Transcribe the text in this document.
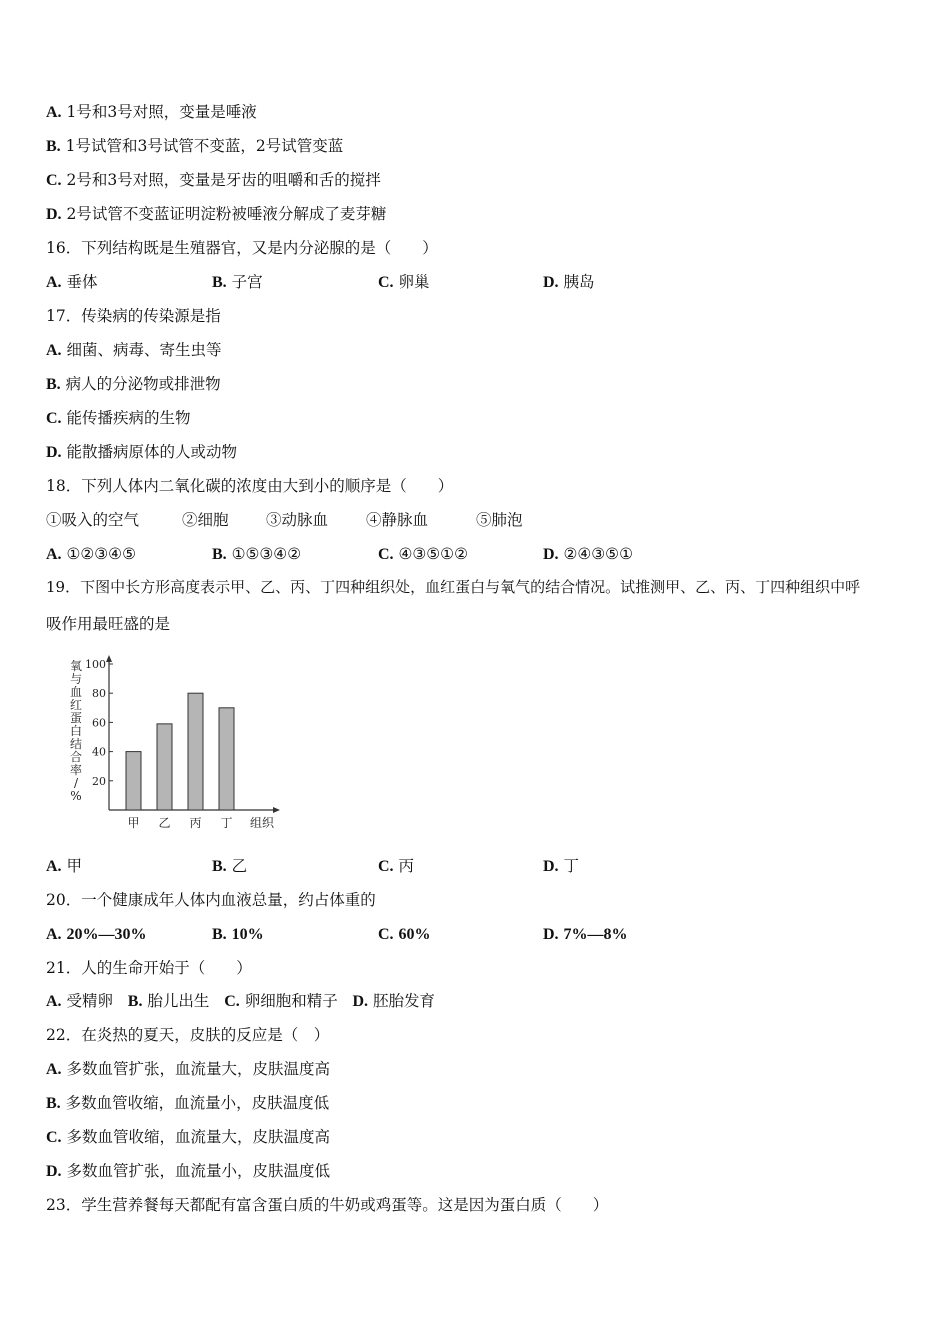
A. 1号和3号对照，变量是唾液
B. 1号试管和3号试管不变蓝，2号试管变蓝
C. 2号和3号对照，变量是牙齿的咀嚼和舌的搅拌
D. 2号试管不变蓝证明淀粉被唾液分解成了麦芽糖
16．下列结构既是生殖器官，又是内分泌腺的是（　　）
A. 垂体	B. 子宫	C. 卵巢	D. 胰岛
17．传染病的传染源是指
A. 细菌、病毒、寄生虫等
B. 病人的分泌物或排泄物
C. 能传播疾病的生物
D. 能散播病原体的人或动物
18．下列人体内二氧化碳的浓度由大到小的顺序是（　　）
①吸入的空气	②细胞 ③动脉血 ④静脉血	⑤肺泡
A. ①②③④⑤	B. ①⑤③④②	C. ④③⑤①②	D. ②④③⑤①
19．下图中长方形高度表示甲、乙、丙、丁四种组织处，血红蛋白与氧气的结合情况。试推测甲、乙、丙、丁四种组织中呼
吸作用最旺盛的是
氧与血红蛋白结合率/ %
20
40
60
80
100
甲 乙 丙 丁 组织
A. 甲	B. 乙	C. 丙	D. 丁
20．一个健康成年人体内血液总量，约占体重的
A. 20%—30%	B. 10%	C. 60%	D. 7%—8%
21．人的生命开始于（　　）
A. 受精卵 B. 胎儿出生 C. 卵细胞和精子 D. 胚胎发育
22．在炎热的夏天，皮肤的反应是（　）
A. 多数血管扩张，血流量大，皮肤温度高
B. 多数血管收缩，血流量小，皮肤温度低
C. 多数血管收缩，血流量大，皮肤温度高
D. 多数血管扩张，血流量小，皮肤温度低
23．学生营养餐每天都配有富含蛋白质的牛奶或鸡蛋等。这是因为蛋白质（　　）
